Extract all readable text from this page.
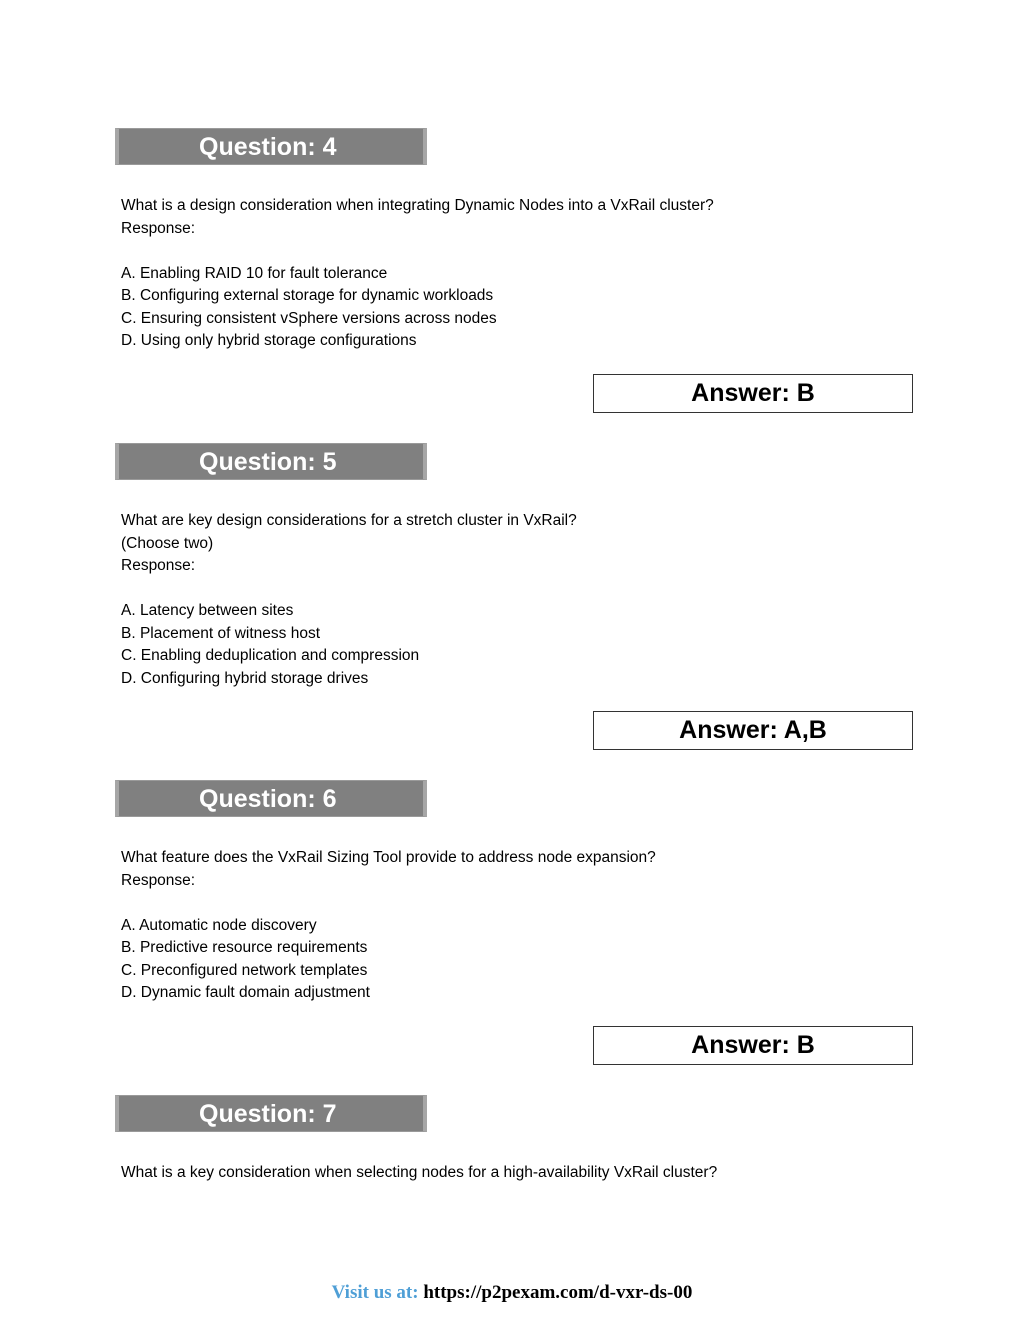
Question: 4
What is a design consideration when integrating Dynamic Nodes into a VxRail cluster?
Response:
A. Enabling RAID 10 for fault tolerance
B. Configuring external storage for dynamic workloads
C. Ensuring consistent vSphere versions across nodes
D. Using only hybrid storage configurations
Answer: B
Question: 5
What are key design considerations for a stretch cluster in VxRail?
(Choose two)
Response:
A. Latency between sites
B. Placement of witness host
C. Enabling deduplication and compression
D. Configuring hybrid storage drives
Answer: A,B
Question: 6
What feature does the VxRail Sizing Tool provide to address node expansion?
Response:
A. Automatic node discovery
B. Predictive resource requirements
C. Preconfigured network templates
D. Dynamic fault domain adjustment
Answer: B
Question: 7
What is a key consideration when selecting nodes for a high-availability VxRail cluster?
Visit us at: https://p2pexam.com/d-vxr-ds-00
